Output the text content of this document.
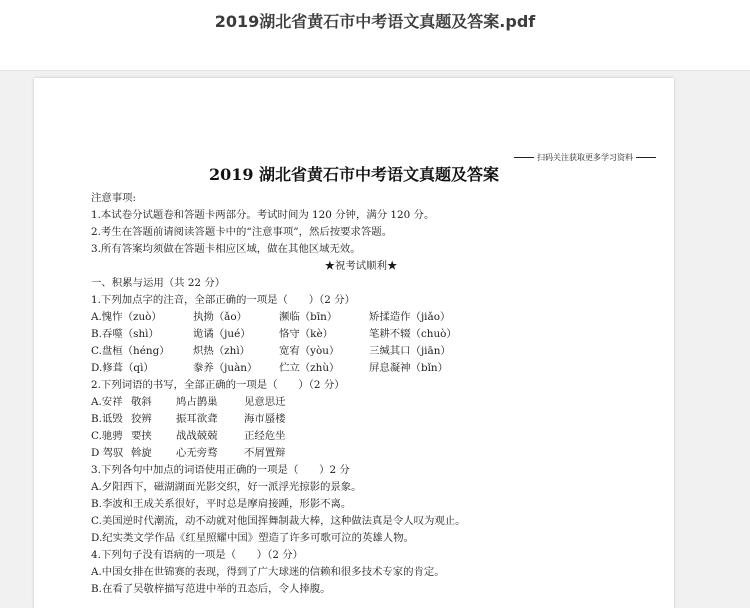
2019湖北省黄石市中考语文真题及答案.pdf
扫码关注获取更多学习资料
2019 湖北省黄石市中考语文真题及答案
注意事项:
1.本试卷分试题卷和答题卡两部分。考试时间为 120 分钟，满分 120 分。
2.考生在答题前请阅读答题卡中的“注意事项”，然后按要求答题。
3.所有答案均须做在答题卡相应区域，做在其他区域无效。
★祝考试顺利★
一、积累与运用（共 22 分）
1.下列加点字的注音，全部正确的一项是（　　）（2 分）
A.愧怍（zuò）	执拗（ǎo）	濒临（bīn）	矫揉造作（jiǎo）
B.吞噬（shì）	诡谲（jué）	恪守（kè）	笔耕不辍（chuò）
C.盘桓（héng）	炽热（zhì）	宽宥（yòu）	三缄其口（jiān）
D.修葺（qì）	豢养（juàn）	伫立（zhù）	屏息凝神（bǐn）
2.下列词语的书写，全部正确的一项是（　　）（2 分）
A.安祥 敬斜	鸠占鹊巢	见意思迁
B.诋毁 狡辨	振耳欲聋	海市蜃楼
C.驰骋 要挟	战战兢兢	正经危坐
D 驾驭 斡旋	心无旁骛	不屑置辩
3.下列各句中加点的词语使用正确的一项是（　　）2 分
A.夕阳西下，磁湖湖面光影交织，好一派浮光掠影的景象。
B.李波和王成关系很好，平时总是摩肩接踵，形影不离。
C.美国逆时代潮流，动不动就对他国挥舞制裁大棒，这种做法真是令人叹为观止。
D.纪实类文学作品《红星照耀中国》塑造了许多可歌可泣的英雄人物。
4.下列句子没有语病的一项是（　　）（2 分）
A.中国女排在世锦赛的表现，得到了广大球迷的信赖和很多技术专家的肯定。
B.在看了吴敬梓描写范进中举的丑态后，令人捧腹。
